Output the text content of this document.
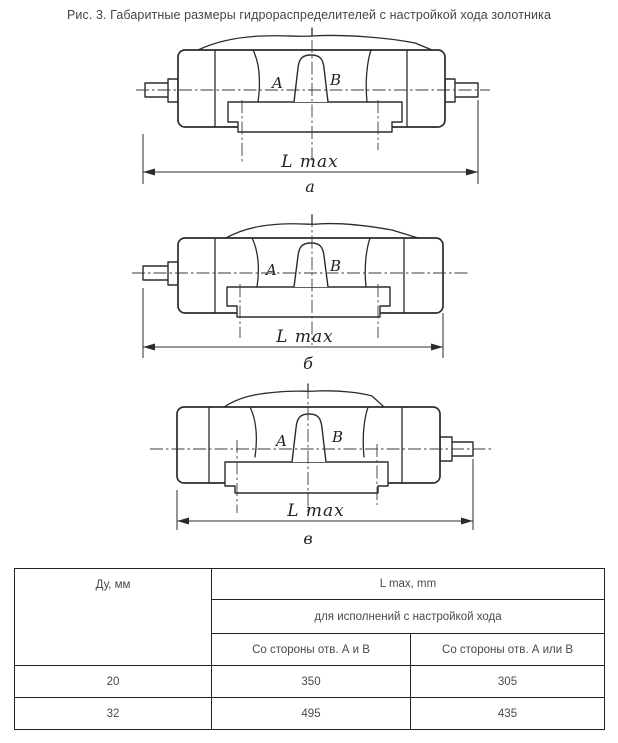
Рис. 3. Габаритные размеры гидрораспределителей с настройкой хода золотника
A	B
L max
а
A	B
L max
б
A	B
L max
в
Ду, мм	L max, mm	
	для исполнений с настройкой хода	
	Со стороны отв. А и В	Со стороны отв. А или В
20	350	305
32	495	435
